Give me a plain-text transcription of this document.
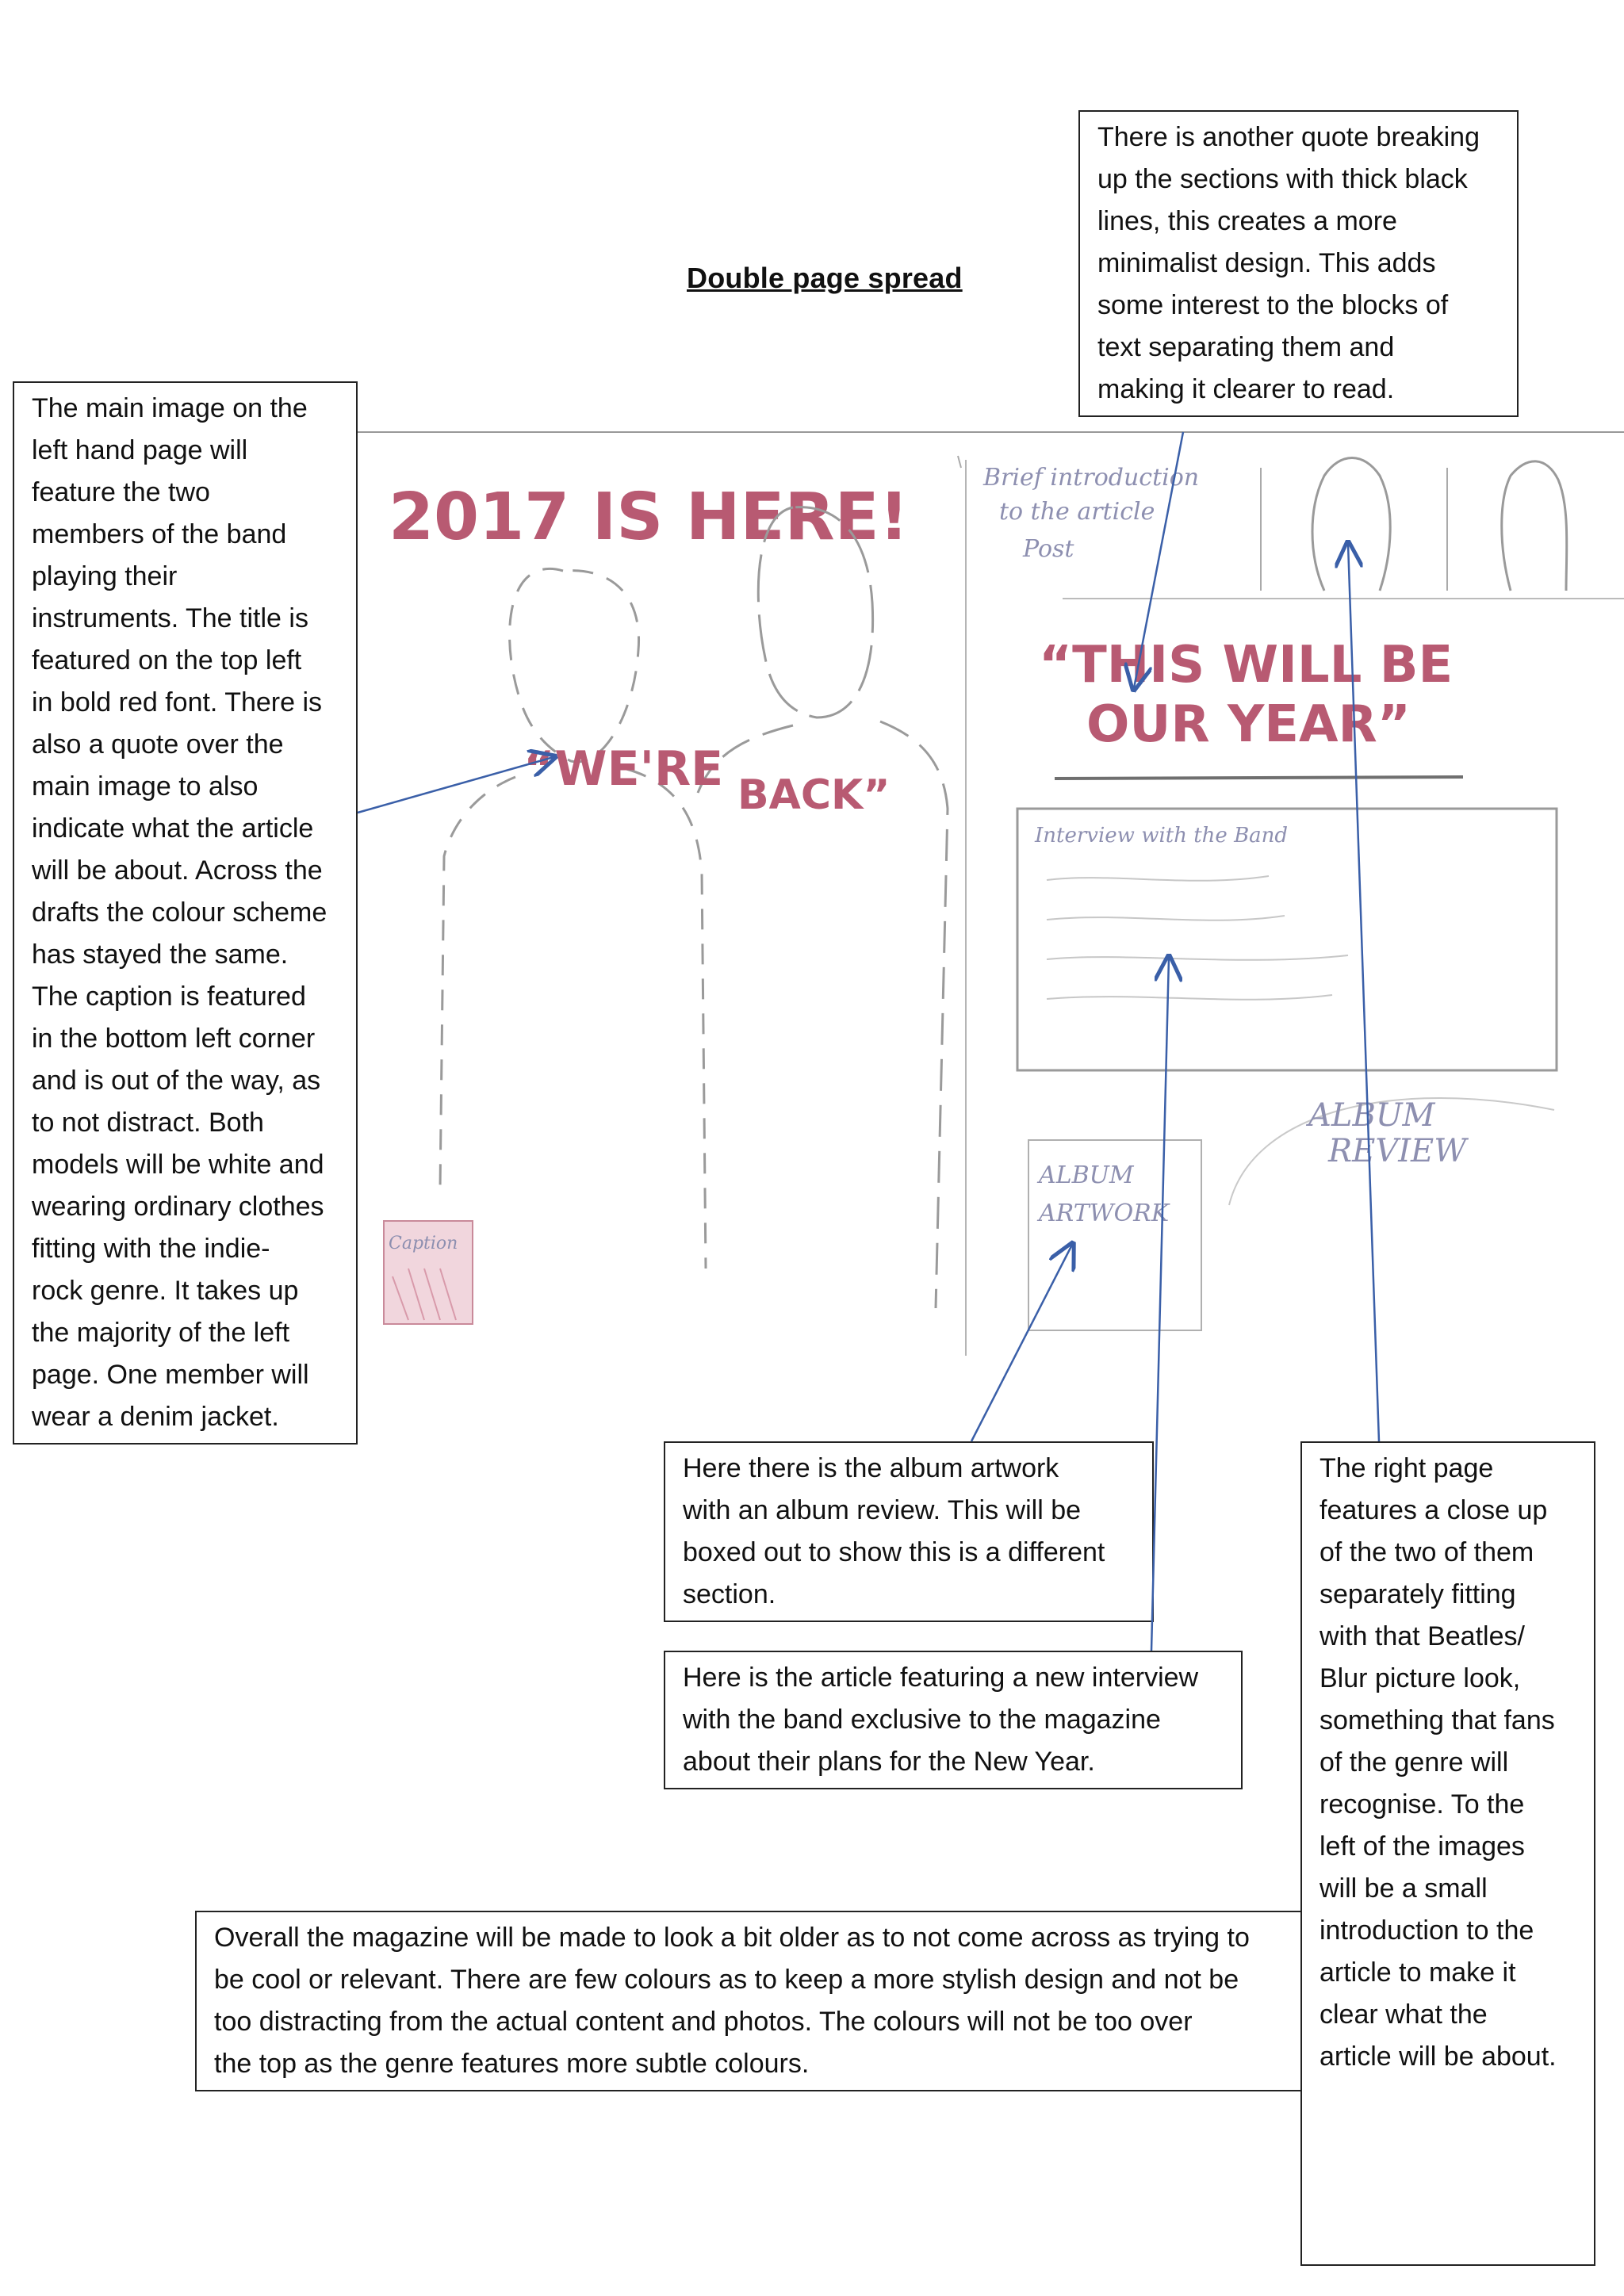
Double page spread
2017 IS HERE!
“WE'RE BACK”
Caption
Brief introduction
to the article
Post
“THIS WILL BE
OUR YEAR”
Interview with the Band
ALBUM
ARTWORK
ALBUM
REVIEW

There is another quote breaking

up the sections with thick black

lines, this creates a more

minimalist design. This adds

some interest to the blocks of

text separating them and

making it clearer to read.

The main image on the

left hand page will

feature the two

members of the band

playing their

instruments. The title is

featured on the top left

in bold red font. There is

also a quote over the

main image to also

indicate what the article

will be about. Across the

drafts the colour scheme

has stayed the same.

The caption is featured

in the bottom left corner

and is out of the way, as

to not distract. Both

models will be white and

wearing ordinary clothes

fitting with the indie-

rock genre. It takes up

the majority of the left

page. One member will

wear a denim jacket.

Here there is the album artwork

with an album review. This will be

boxed out to show this is a different

section.

Here is the article featuring a new interview

with the band exclusive to the magazine

about their plans for the New Year.

The right page

features a close up

of the two of them

separately fitting

with that Beatles/

Blur picture look,

something that fans

of the genre will

recognise. To the

left of the images

will be a small

introduction to the

article to make it

clear what the

article will be about.

Overall the magazine will be made to look a bit older as to not come across as trying to

be cool or relevant. There are few colours as to keep a more stylish design and not be

too distracting from the actual content and photos. The colours will not be too over

the top as the genre features more subtle colours.
